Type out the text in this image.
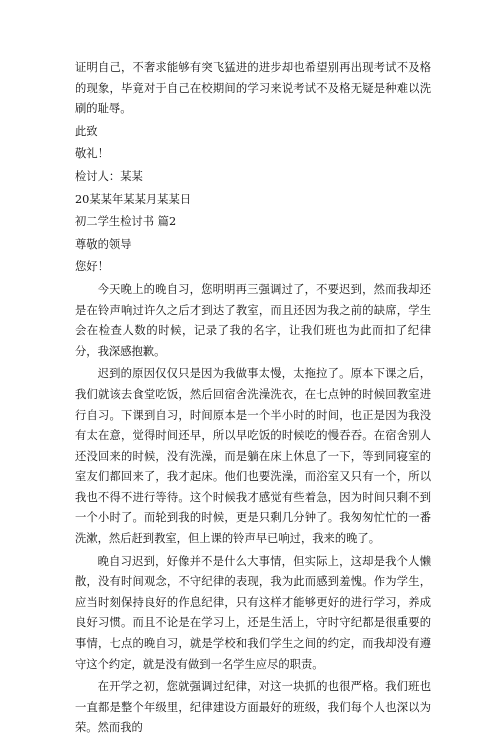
证明自己，不奢求能够有突飞猛进的进步却也希望别再出现考试不及格的现象，毕竟对于自己在校期间的学习来说考试不及格无疑是种难以洗刷的耻辱。

此致

敬礼！

检讨人：某某

20某某年某某月某某日

初二学生检讨书 篇2

尊敬的领导

您好！

今天晚上的晚自习，您明明再三强调过了，不要迟到，然而我却还是在铃声响过许久之后才到达了教室，而且还因为我之前的缺席，学生会在检查人数的时候，记录了我的名字，让我们班也为此而扣了纪律分，我深感抱歉。

迟到的原因仅仅只是因为我做事太慢，太拖拉了。原本下课之后，我们就该去食堂吃饭，然后回宿舍洗澡洗衣，在七点钟的时候回教室进行自习。下课到自习，时间原本是一个半小时的时间，也正是因为我没有太在意，觉得时间还早，所以早吃饭的时候吃的慢吞吞。在宿舍别人还没回来的时候，没有洗澡，而是躺在床上休息了一下，等到同寝室的室友们都回来了，我才起床。他们也要洗澡，而浴室又只有一个，所以我也不得不进行等待。这个时候我才感觉有些着急，因为时间只剩不到一个小时了。而轮到我的时候，更是只剩几分钟了。我匆匆忙忙的一番洗漱，然后赶到教室，但上课的铃声早已响过，我来的晚了。

晚自习迟到，好像并不是什么大事情，但实际上，这却是我个人懒散，没有时间观念，不守纪律的表现，我为此而感到羞愧。作为学生，应当时刻保持良好的作息纪律，只有这样才能够更好的进行学习，养成良好习惯。而且不论是在学习上，还是生活上，守时守纪都是很重要的事情，七点的晚自习，就是学校和我们学生之间的约定，而我却没有遵守这个约定，就是没有做到一名学生应尽的职责。

在开学之初，您就强调过纪律，对这一块抓的也很严格。我们班也一直都是整个年级里，纪律建设方面最好的班级，我们每个人也深以为荣。然而我的
